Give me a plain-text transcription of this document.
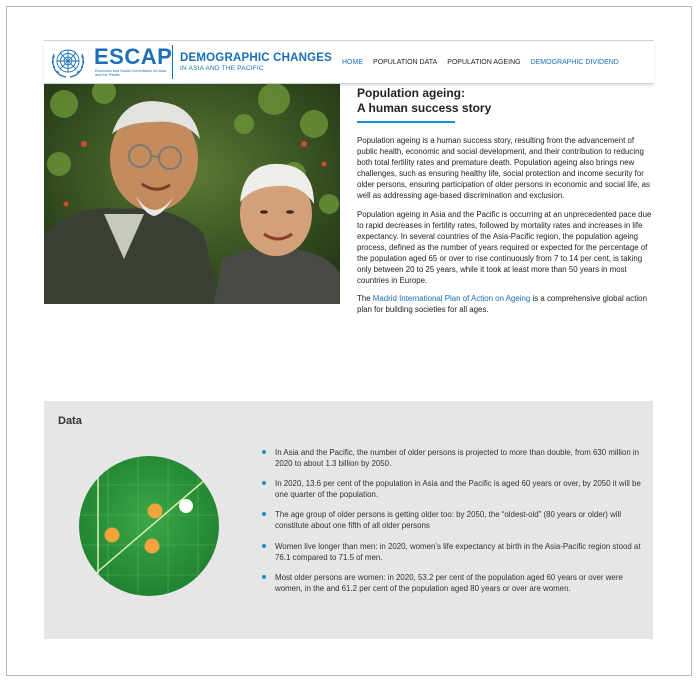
ESCAP
Economic and Social Commission for Asia and the Pacific
DEMOGRAPHIC CHANGES
IN ASIA AND THE PACIFIC
HOME POPULATION DATA POPULATION AGEING DEMOGRAPHIC DIVIDEND
Population ageing:
A human success story

Population ageing is a human success story, resulting from the advancement of public health, economic and social development, and their contribution to reducing both total fertility rates and premature death. Population ageing also brings new challenges, such as ensuring healthy life, social protection and income security for older persons, ensuring participation of older persons in economic and social life, as well as addressing age-based discrimination and exclusion.

Population ageing in Asia and the Pacific is occurring at an unprecedented pace due to rapid decreases in fertility rates, followed by mortality rates and increases in life expectancy. In several countries of the Asia-Pacific region, the population ageing process, defined as the number of years required or expected for the percentage of the population aged 65 or over to rise continuously from 7 to 14 per cent, is taking only between 20 to 25 years, while it took at least more than 50 years in most countries in Europe.

The Madrid International Plan of Action on Ageing is a comprehensive global action plan for building societies for all ages.

Data
In Asia and the Pacific, the number of older persons is projected to more than double, from 630 million in 2020 to about 1.3 billion by 2050.
In 2020, 13.6 per cent of the population in Asia and the Pacific is aged 60 years or over, by 2050 it will be one quarter of the population.
The age group of older persons is getting older too: by 2050, the “oldest-old” (80 years or older) will constitute about one fifth of all older persons
Women live longer than men: in 2020, women’s life expectancy at birth in the Asia-Pacific region stood at 76.1 compared to 71.5 of men.
Most older persons are women: in 2020, 53.2 per cent of the population aged 60 years or over were women, in the and 61.2 per cent of the population aged 80 years or over are women.
